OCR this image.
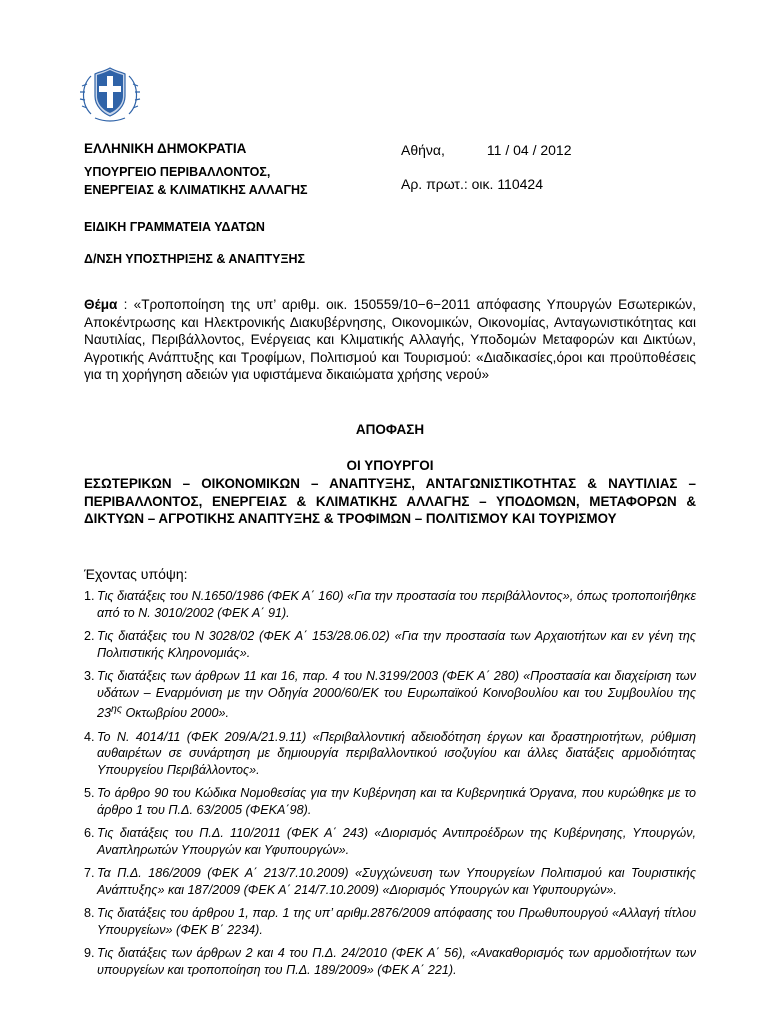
ΕΛΛΗΝΙΚΗ ΔΗΜΟΚΡΑΤΙΑ

ΥΠΟΥΡΓΕΙΟ ΠΕΡΙΒΑΛΛΟΝΤΟΣ,

ΕΝΕΡΓΕΙΑΣ & ΚΛΙΜΑΤΙΚΗΣ ΑΛΛΑΓΗΣ

ΕΙΔΙΚΗ ΓΡΑΜΜΑΤΕΙΑ ΥΔΑΤΩΝ

Δ/ΝΣΗ ΥΠΟΣΤΗΡΙΞΗΣ & ΑΝΑΠΤΥΞΗΣ

Αθήνα,	11 / 04 / 2012

Αρ. πρωτ.: οικ. 110424

Θέμα : «Τροποποίηση της υπ’ αριθμ. οικ. 150559/10−6−2011 απόφασης Υπουργών Εσωτερικών, Αποκέντρωσης και Ηλεκτρονικής Διακυβέρνησης, Οικονομικών, Οικονομίας, Ανταγωνιστικότητας και Ναυτιλίας, Περιβάλλοντος, Ενέργειας και Κλιματικής Αλλαγής, Υποδομών Μεταφορών και Δικτύων, Αγροτικής Ανάπτυξης και Τροφίμων, Πολιτισμού και Τουρισμού: «Διαδικασίες,όροι και προϋποθέσεις για τη χορήγηση αδειών για υφιστάμενα δικαιώματα χρήσης νερού»

ΑΠΟΦΑΣΗ

ΟΙ ΥΠΟΥΡΓΟΙ

ΕΣΩΤΕΡΙΚΩΝ – ΟΙΚΟΝΟΜΙΚΩΝ – ΑΝΑΠΤΥΞΗΣ, ΑΝΤΑΓΩΝΙΣΤΙΚΟΤΗΤΑΣ & ΝΑΥΤΙΛΙΑΣ – ΠΕΡΙΒΑΛΛΟΝΤΟΣ, ΕΝΕΡΓΕΙΑΣ & ΚΛΙΜΑΤΙΚΗΣ ΑΛΛΑΓΗΣ – ΥΠΟΔΟΜΩΝ, ΜΕΤΑΦΟΡΩΝ & ΔΙΚΤΥΩΝ – ΑΓΡΟΤΙΚΗΣ ΑΝΑΠΤΥΞΗΣ & ΤΡΟΦΙΜΩΝ – ΠΟΛΙΤΙΣΜΟΥ ΚΑΙ ΤΟΥΡΙΣΜΟΥ

Έχοντας υπόψη:

1. Τις διατάξεις του Ν.1650/1986 (ΦΕΚ Α΄ 160) «Για την προστασία του περιβάλλοντος», όπως τροποποιήθηκε από το Ν. 3010/2002 (ΦΕΚ Α΄ 91).
2. Τις διατάξεις του Ν 3028/02 (ΦΕΚ Α΄ 153/28.06.02) «Για την προστασία των Αρχαιοτήτων και εν γένη της Πολιτιστικής Κληρονομιάς».
3. Τις διατάξεις των άρθρων 11 και 16, παρ. 4 του Ν.3199/2003 (ΦΕΚ Α΄ 280) «Προστασία και διαχείριση των υδάτων – Εναρμόνιση με την Οδηγία 2000/60/ΕΚ του Ευρωπαϊκού Κοινοβουλίου και του Συμβουλίου της $23^{\eta\varsigma}$ Οκτωβρίου 2000».
4. Το Ν. 4014/11 (ΦΕΚ 209/Α/21.9.11) «Περιβαλλοντική αδειοδότηση έργων και δραστηριοτήτων, ρύθμιση αυθαιρέτων σε συνάρτηση με δημιουργία περιβαλλοντικού ισοζυγίου και άλλες διατάξεις αρμοδιότητας Υπουργείου Περιβάλλοντος».
5. Το άρθρο 90 του Κώδικα Νομοθεσίας για την Κυβέρνηση και τα Κυβερνητικά Όργανα, που κυρώθηκε με το άρθρο 1 του Π.Δ. 63/2005 (ΦΕΚΑ΄98).
6. Τις διατάξεις του Π.Δ. 110/2011 (ΦΕΚ Α΄ 243) «Διορισμός Αντιπροέδρων της Κυβέρνησης, Υπουργών, Αναπληρωτών Υπουργών και Υφυπουργών».
7. Τα Π.Δ. 186/2009 (ΦΕΚ Α΄ 213/7.10.2009) «Συγχώνευση των Υπουργείων Πολιτισμού και Τουριστικής Ανάπτυξης» και 187/2009 (ΦΕΚ Α΄ 214/7.10.2009) «Διορισμός Υπουργών και Υφυπουργών».
8. Τις διατάξεις του άρθρου 1, παρ. 1 της υπ’ αριθμ.2876/2009 απόφασης του Πρωθυπουργού «Αλλαγή τίτλου Υπουργείων» (ΦΕΚ Β΄ 2234).
9. Τις διατάξεις των άρθρων 2 και 4 του Π.Δ. 24/2010 (ΦΕΚ Α΄ 56), «Ανακαθορισμός των αρμοδιοτήτων των υπουργείων και τροποποίηση του Π.Δ. 189/2009» (ΦΕΚ Α΄ 221).
